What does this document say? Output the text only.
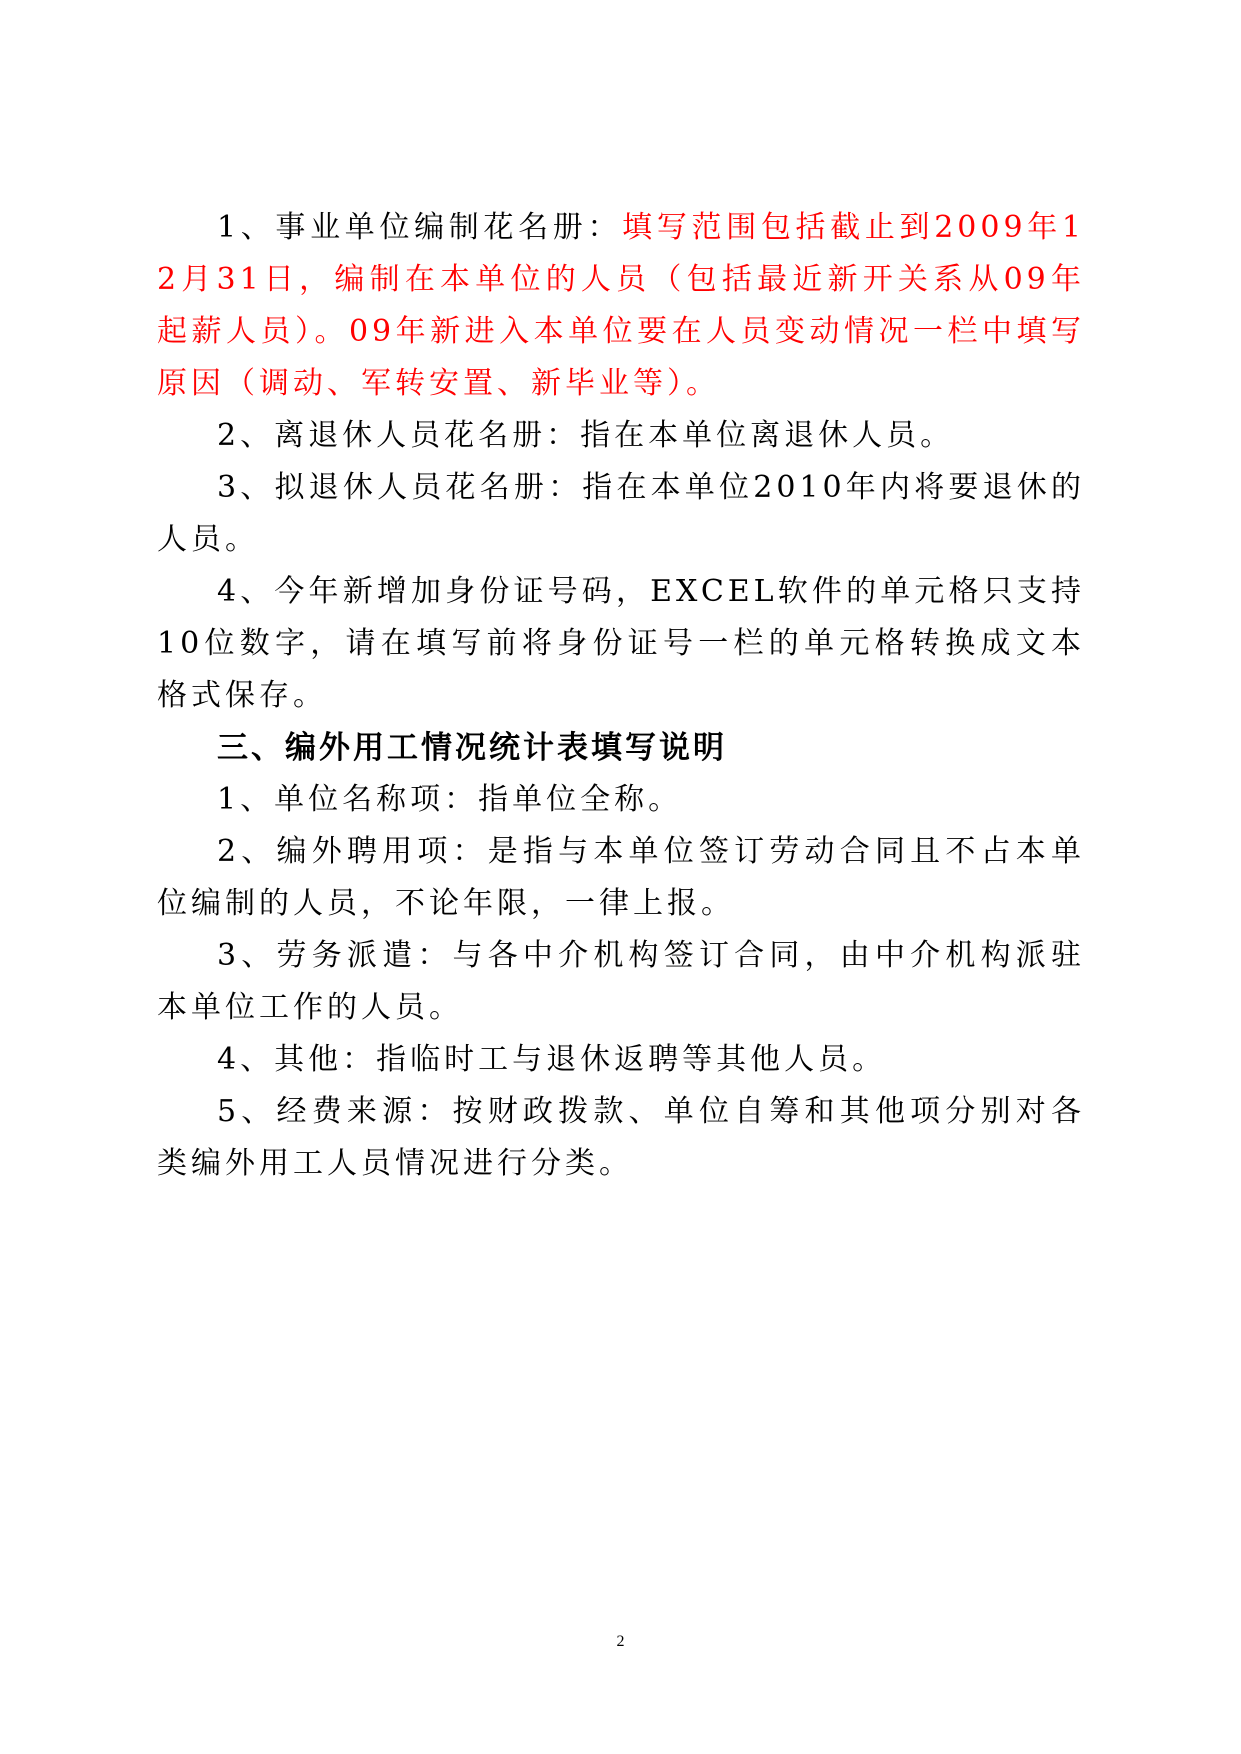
1、事业单位编制花名册：填写范围包括截止到2009年12月31日，编制在本单位的人员（包括最近新开关系从09年起薪人员）。09年新进入本单位要在人员变动情况一栏中填写原因（调动、军转安置、新毕业等）。

2、离退休人员花名册：指在本单位离退休人员。

3、拟退休人员花名册：指在本单位2010年内将要退休的人员。

4、今年新增加身份证号码，EXCEL软件的单元格只支持10位数字，请在填写前将身份证号一栏的单元格转换成文本格式保存。

三、编外用工情况统计表填写说明

1、单位名称项：指单位全称。

2、编外聘用项：是指与本单位签订劳动合同且不占本单位编制的人员，不论年限，一律上报。

3、劳务派遣：与各中介机构签订合同，由中介机构派驻本单位工作的人员。

4、其他：指临时工与退休返聘等其他人员。

5、经费来源：按财政拨款、单位自筹和其他项分别对各类编外用工人员情况进行分类。

2
